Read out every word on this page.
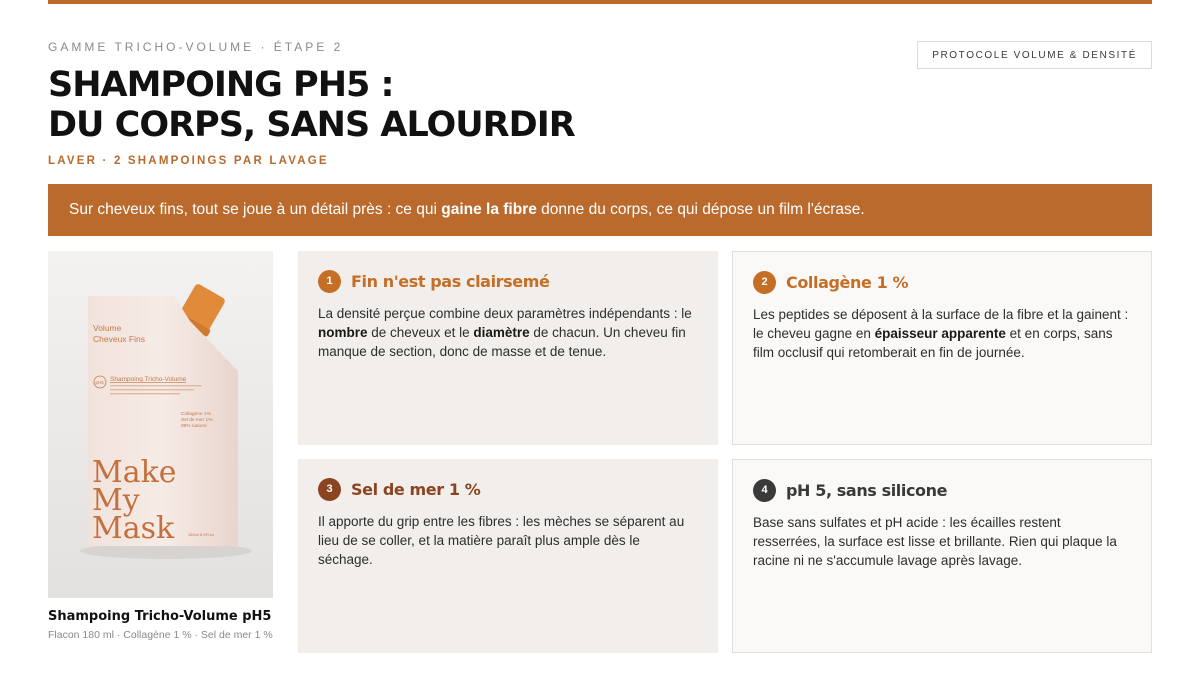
GAMME TRICHO-VOLUME · ÉTAPE 2
PROTOCOLE VOLUME & DENSITÉ
SHAMPOING PH5 :
DU CORPS, SANS ALOURDIR
LAVER · 2 SHAMPOINGS PAR LAVAGE
Sur cheveux fins, tout se joue à un détail près : ce qui gaine la fibre donne du corps, ce qui dépose un film l'écrase.
Volume
Cheveux Fins
pH5 Shampoing Tricho-Volume
Collagène 1%
Sel de mer 1%
99% naturel
Make
My
Mask	180ml 6.0Fl.oz
Shampoing Tricho-Volume pH5
Flacon 180 ml · Collagène 1 % · Sel de mer 1 %
1	Fin n'est pas clairsemé

La densité perçue combine deux paramètres indépendants : le nombre de cheveux et le diamètre de chacun. Un cheveu fin manque de section, donc de masse et de tenue.

2	Collagène 1 %

Les peptides se déposent à la surface de la fibre et la gainent : le cheveu gagne en épaisseur apparente et en corps, sans film occlusif qui retomberait en fin de journée.

3	Sel de mer 1 %

Il apporte du grip entre les fibres : les mèches se séparent au lieu de se coller, et la matière paraît plus ample dès le séchage.

4	pH 5, sans silicone

Base sans sulfates et pH acide : les écailles restent resserrées, la surface est lisse et brillante. Rien qui plaque la racine ni ne s'accumule lavage après lavage.
